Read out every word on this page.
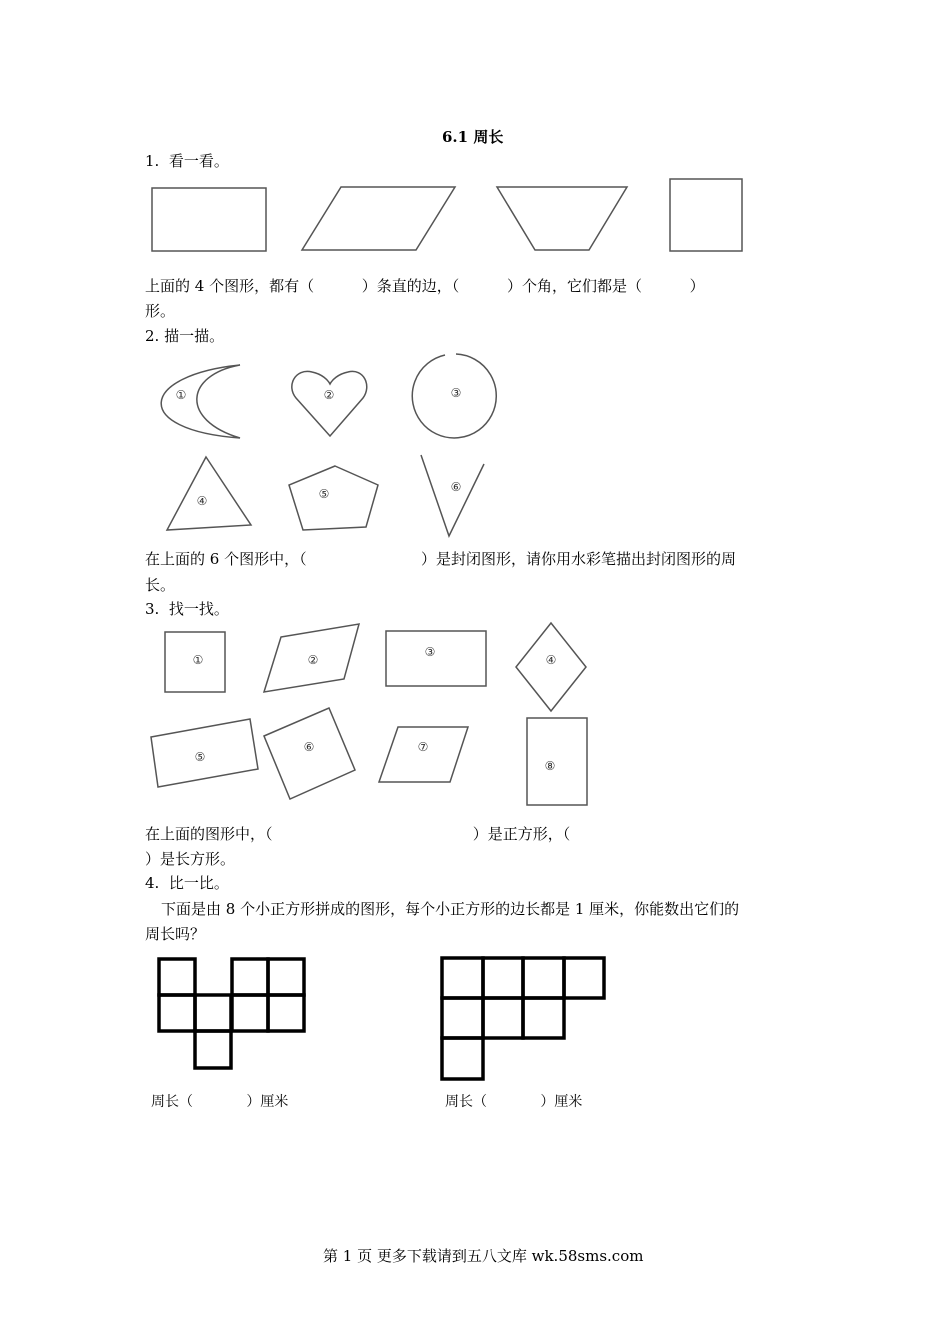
6.1 周长
1.  看一看。
上面的 4 个图形，都有（          ）条直的边，（          ）个角，它们都是（          ）
形。
2. 描一描。
在上面的 6 个图形中，（                        ）是封闭图形，请你用水彩笔描出封闭图形的周
长。
3.  找一找。
在上面的图形中，（                                          ）是正方形，（
）是长方形。
4.  比一比。
下面是由 8 个小正方形拼成的图形，每个小正方形的边长都是 1 厘米，你能数出它们的
周长吗？
周长（            ）厘米	周长（            ）厘米
第 1 页 更多下载请到五八文库 wk.58sms.com
①	②	③
④	⑤	⑥
①	②
③
④
⑤
⑥	⑦
⑧
